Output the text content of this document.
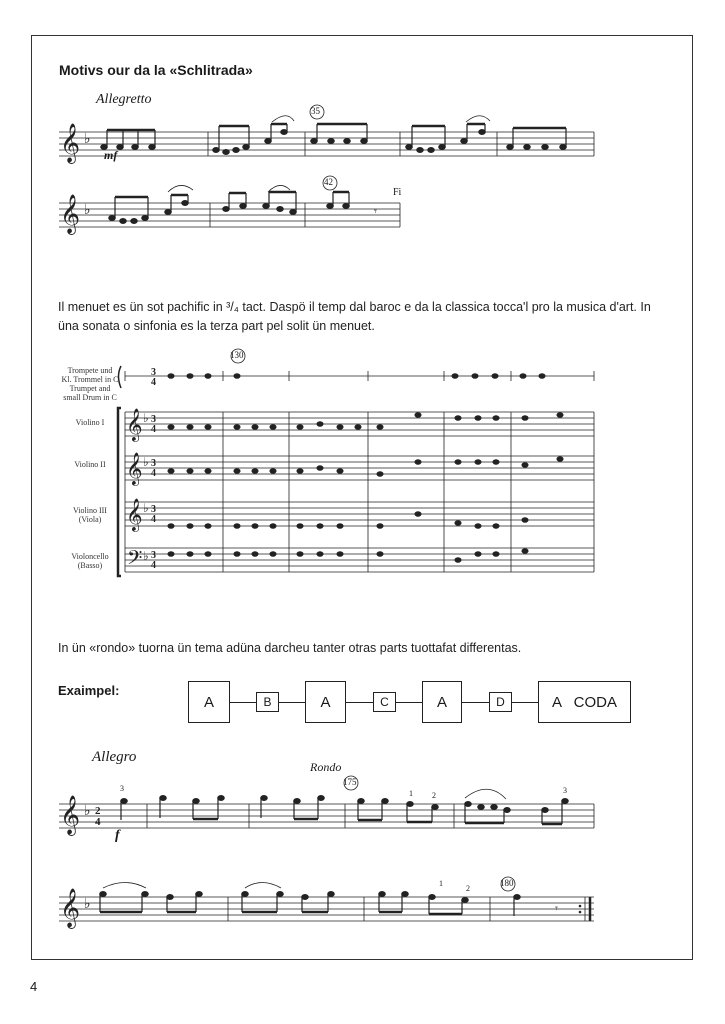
Motivs our da la «Schlitrada»
Allegretto
𝄞
𝄞
♭
♭	𝄾
mf
35
42
Fi
Il menuet es ün sot pachific in ³/₄ tact. Daspö il temp dal baroc e da la classica tocca'l pro la musica d'art. In üna sonata o sinfonia es la terza part pel solit ün menuet.
Trompete und
Kl. Trommel in C
Trumpet and
small Drum in C
Violino I
Violino II
Violino III
(Viola)
Violoncello
(Basso)
𝄞
𝄞
𝄞
𝄢
♭
♭
♭
♭
3
4
3
4
3
4
3
4
3
4
130
In ün «rondo» tuorna ün tema adüna darcheu tanter otras parts tuottafat differentas.
Exaimpel:
A	B	A	C	A	D	A   CODA
Allegro
Rondo
𝄞
𝄞
♭
♭
2
4
𝄾
f
175
180
3
1 2
3
1
2
4
